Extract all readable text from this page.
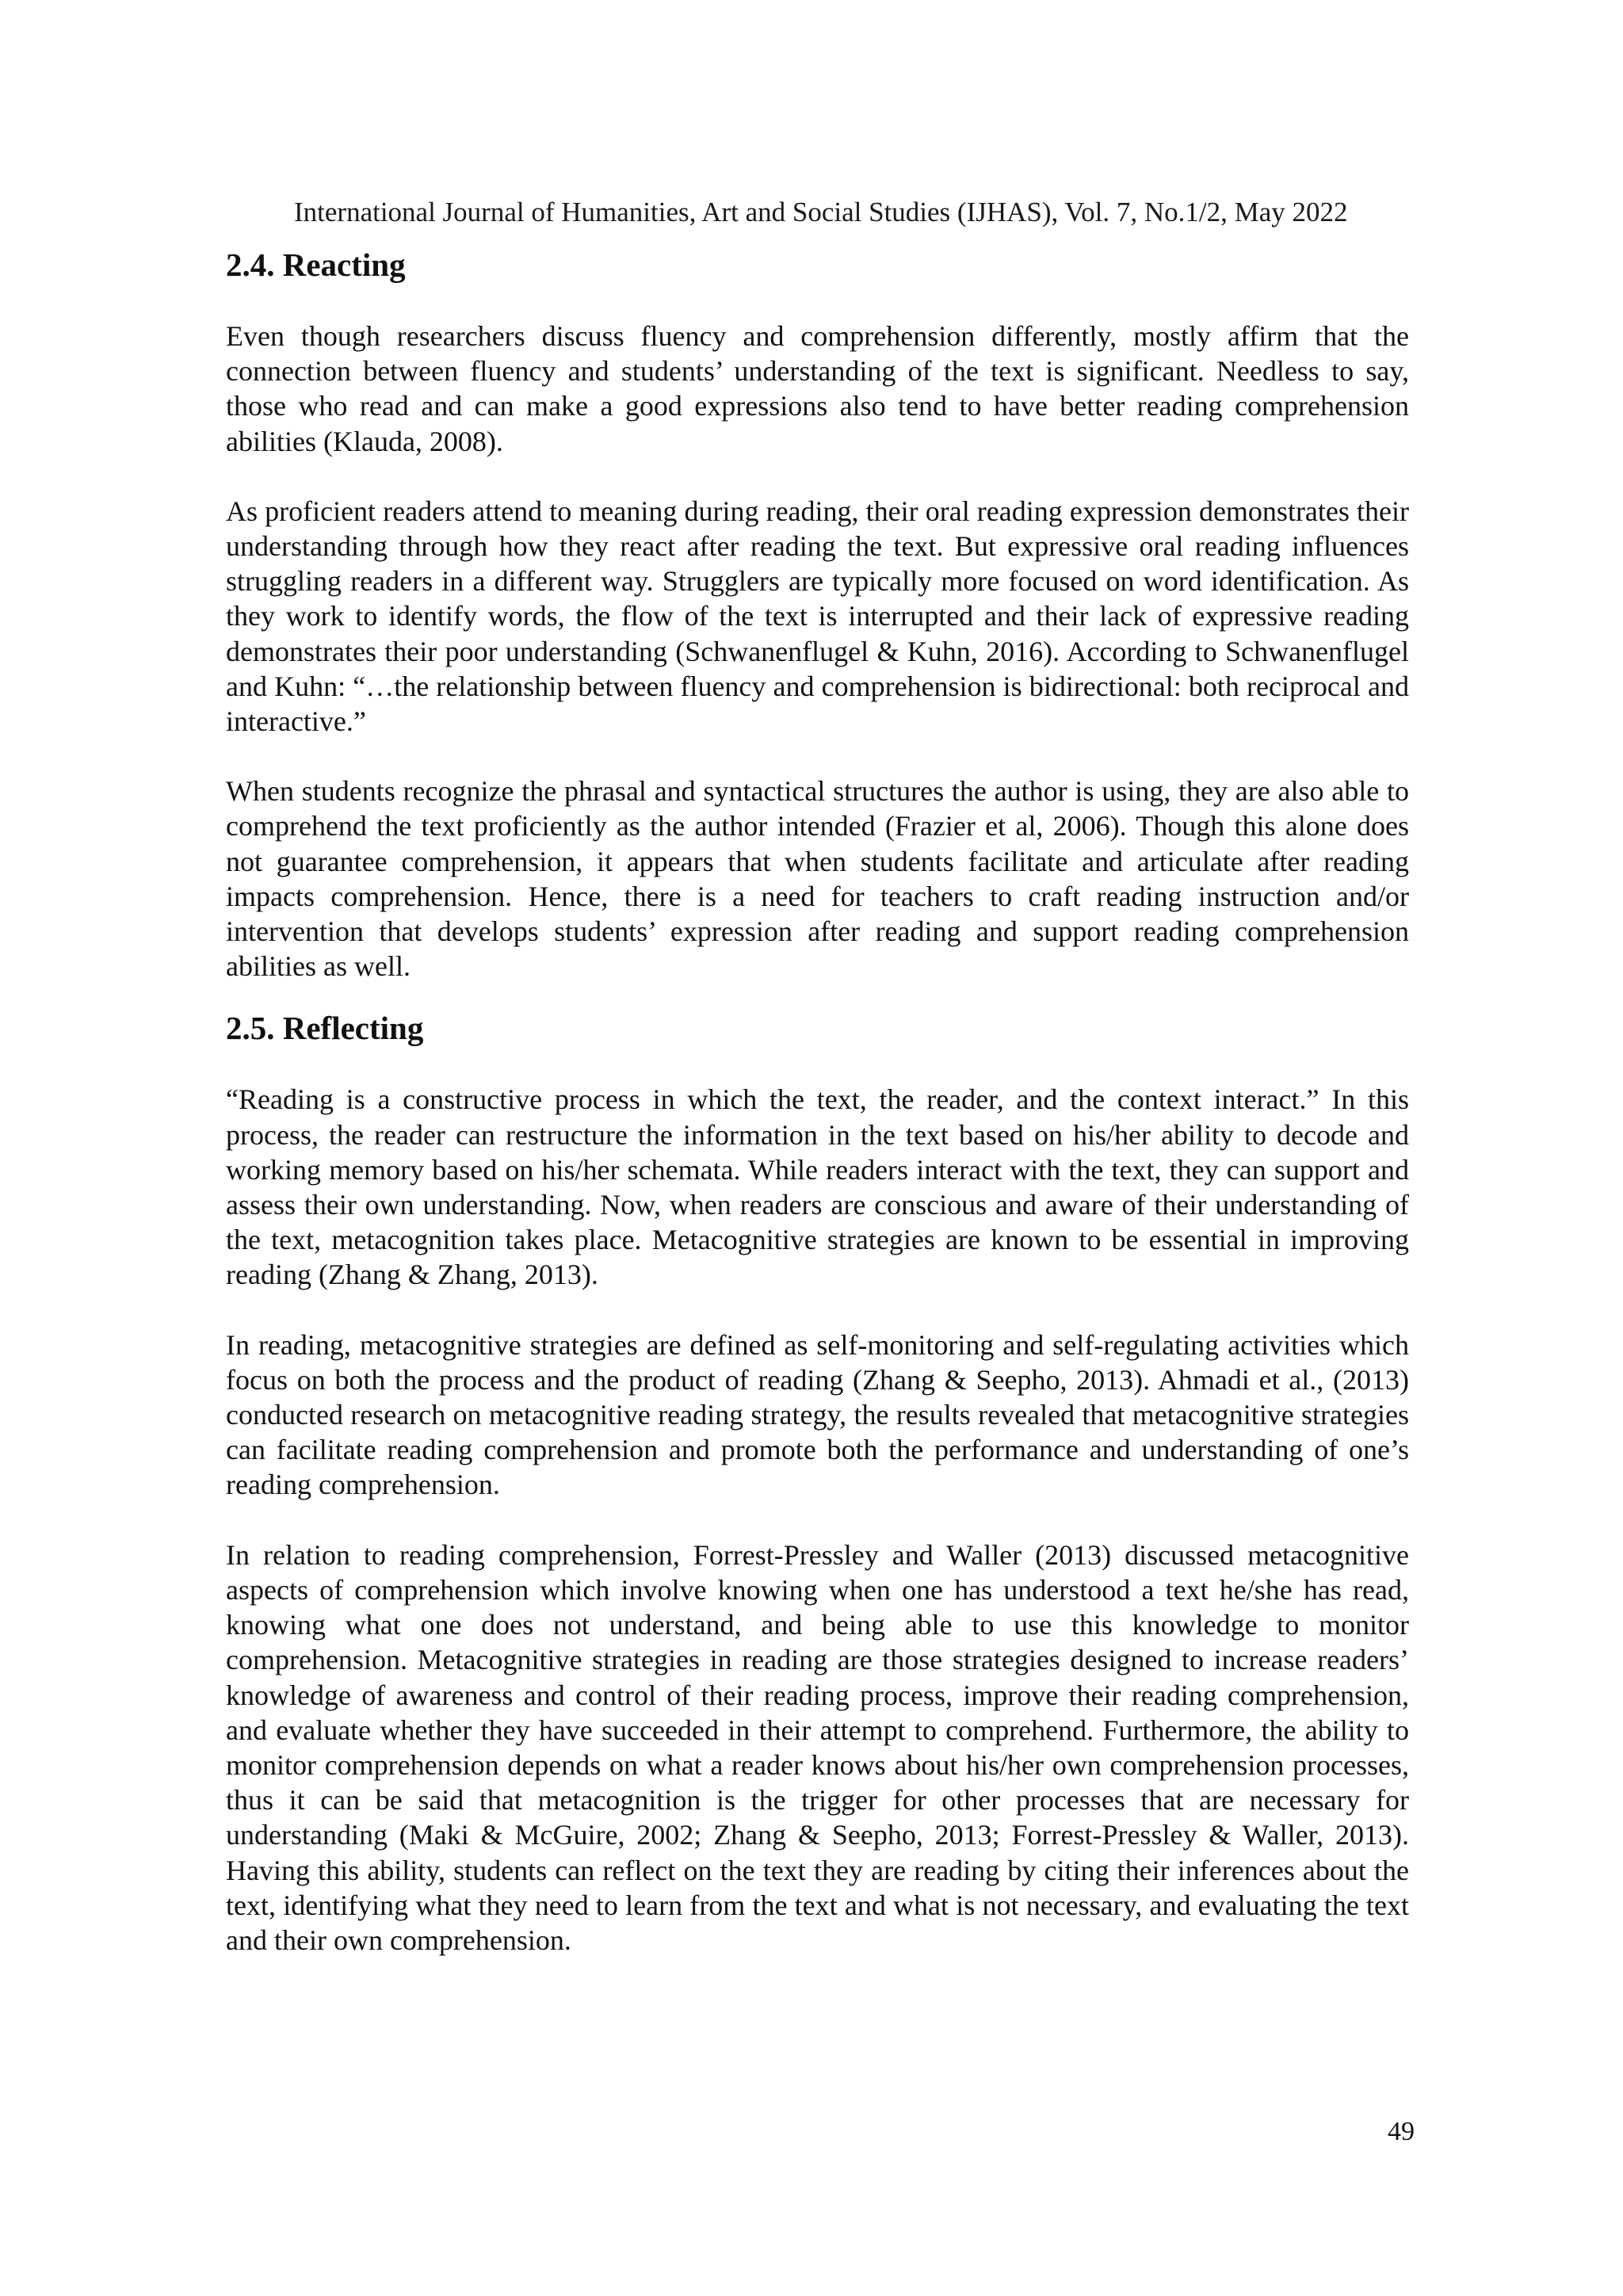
International Journal of Humanities, Art and Social Studies (IJHAS), Vol. 7, No.1/2, May 2022
2.4. Reacting

Even though researchers discuss fluency and comprehension differently, mostly affirm that the connection between fluency and students’ understanding of the text is significant. Needless to say, those who read and can make a good expressions also tend to have better reading comprehension abilities (Klauda, 2008).

As proficient readers attend to meaning during reading, their oral reading expression demonstrates their understanding through how they react after reading the text. But expressive oral reading influences struggling readers in a different way. Strugglers are typically more focused on word identification. As they work to identify words, the flow of the text is interrupted and their lack of expressive reading demonstrates their poor understanding (Schwanenflugel & Kuhn, 2016). According to Schwanenflugel and Kuhn: “…the relationship between fluency and comprehension is bidirectional: both reciprocal and interactive.”

When students recognize the phrasal and syntactical structures the author is using, they are also able to comprehend the text proficiently as the author intended (Frazier et al, 2006). Though this alone does not guarantee comprehension, it appears that when students facilitate and articulate after reading impacts comprehension. Hence, there is a need for teachers to craft reading instruction and/or intervention that develops students’ expression after reading and support reading comprehension abilities as well.

2.5. Reflecting

“Reading is a constructive process in which the text, the reader, and the context interact.” In this process, the reader can restructure the information in the text based on his/her ability to decode and working memory based on his/her schemata. While readers interact with the text, they can support and assess their own understanding. Now, when readers are conscious and aware of their understanding of the text, metacognition takes place. Metacognitive strategies are known to be essential in improving reading (Zhang & Zhang, 2013).

In reading, metacognitive strategies are defined as self-monitoring and self-regulating activities which focus on both the process and the product of reading (Zhang & Seepho, 2013). Ahmadi et al., (2013) conducted research on metacognitive reading strategy, the results revealed that metacognitive strategies can facilitate reading comprehension and promote both the performance and understanding of one’s reading comprehension.

In relation to reading comprehension, Forrest-Pressley and Waller (2013) discussed metacognitive aspects of comprehension which involve knowing when one has understood a text he/she has read, knowing what one does not understand, and being able to use this knowledge to monitor comprehension. Metacognitive strategies in reading are those strategies designed to increase readers’ knowledge of awareness and control of their reading process, improve their reading comprehension, and evaluate whether they have succeeded in their attempt to comprehend. Furthermore, the ability to monitor comprehension depends on what a reader knows about his/her own comprehension processes, thus it can be said that metacognition is the trigger for other processes that are necessary for understanding (Maki & McGuire, 2002; Zhang & Seepho, 2013; Forrest-Pressley & Waller, 2013). Having this ability, students can reflect on the text they are reading by citing their inferences about the text, identifying what they need to learn from the text and what is not necessary, and evaluating the text and their own comprehension.

49
